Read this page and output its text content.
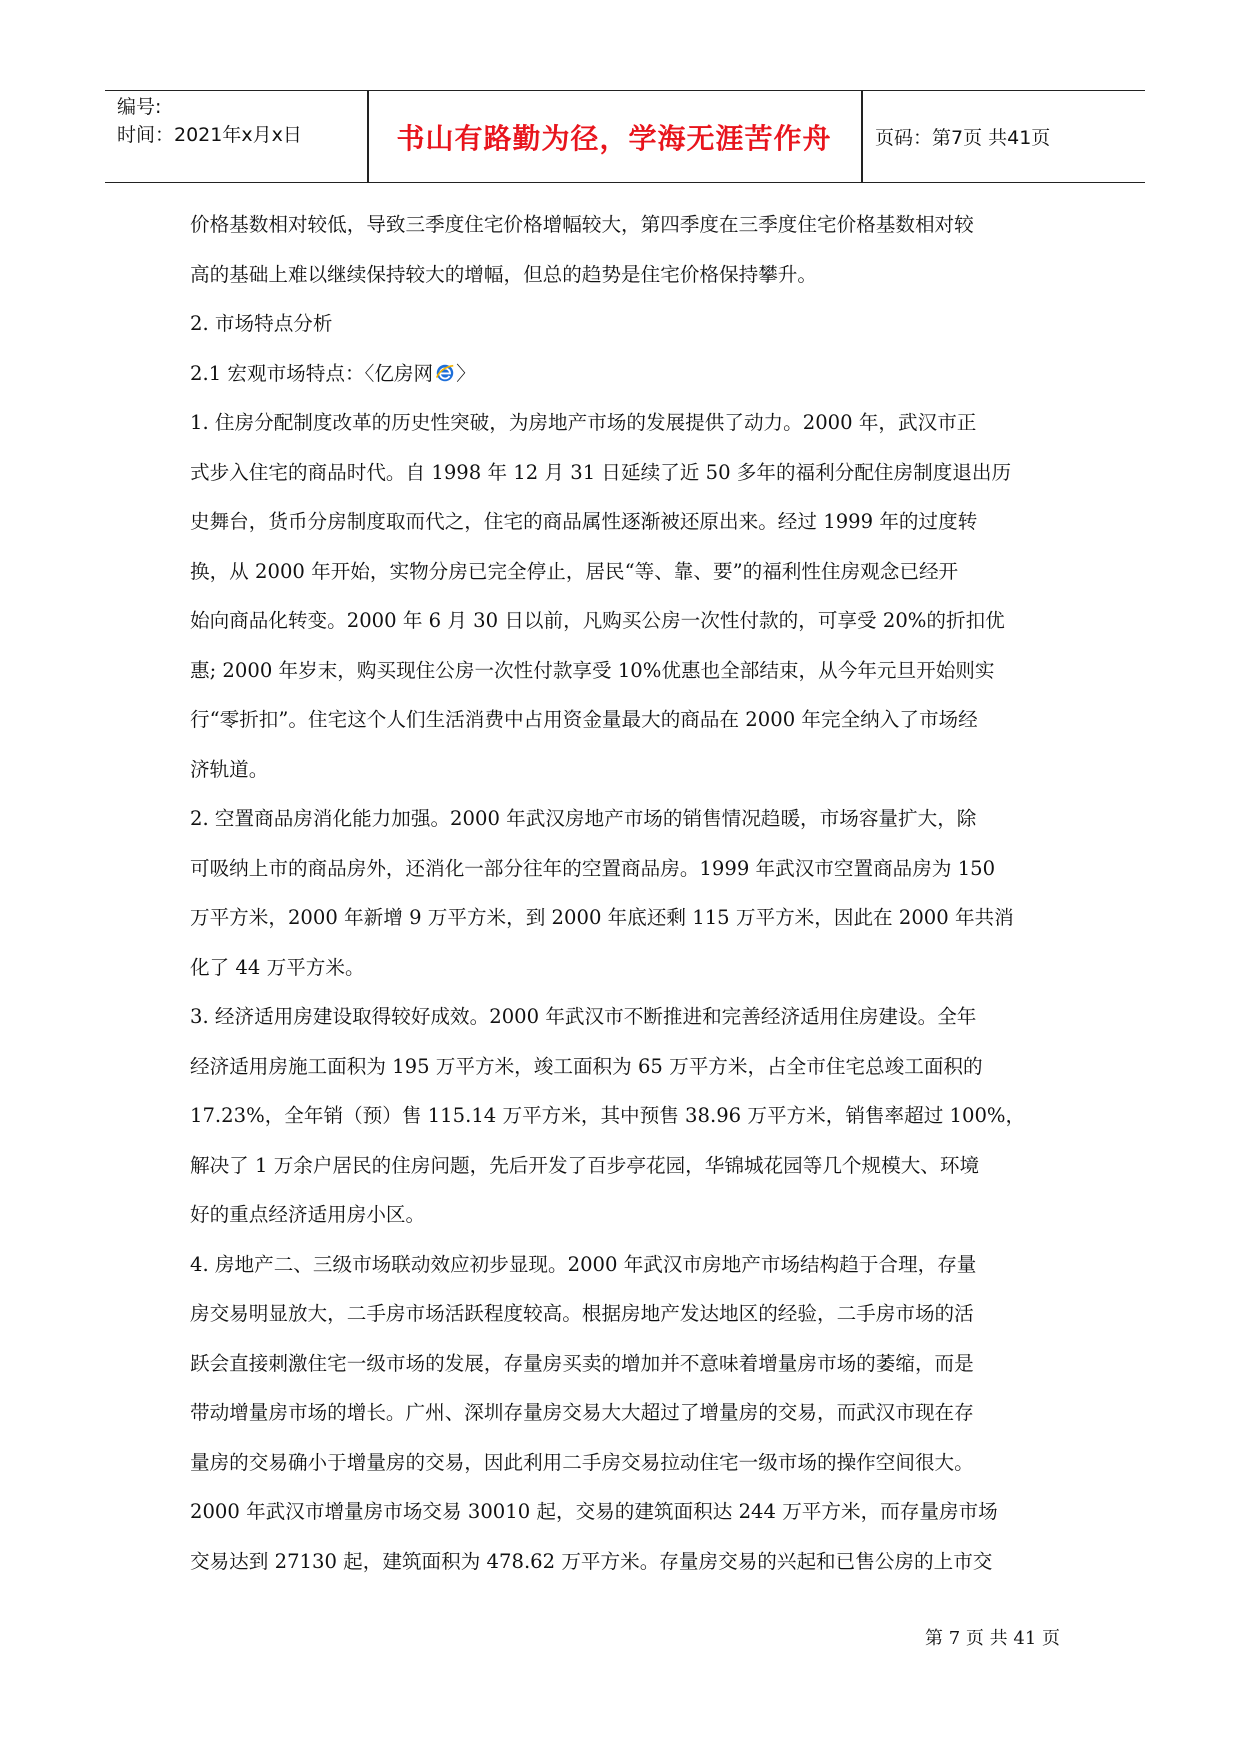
编号:
时间：2021年x月x日	书山有路勤为径，学海无涯苦作舟	页码：第7页 共41页
价格基数相对较低，导致三季度住宅价格增幅较大，第四季度在三季度住宅价格基数相对较
高的基础上难以继续保持较大的增幅，但总的趋势是住宅价格保持攀升。
2. 市场特点分析
2.1 宏观市场特点：〈亿房网 〉
1. 住房分配制度改革的历史性突破，为房地产市场的发展提供了动力。2000 年，武汉市正
式步入住宅的商品时代。自 1998 年 12 月 31 日延续了近 50 多年的福利分配住房制度退出历
史舞台，货币分房制度取而代之，住宅的商品属性逐渐被还原出来。经过 1999 年的过度转
换，从 2000 年开始，实物分房已完全停止，居民“等、靠、要”的福利性住房观念已经开
始向商品化转变。2000 年 6 月 30 日以前，凡购买公房一次性付款的，可享受 20%的折扣优
惠; 2000 年岁末，购买现住公房一次性付款享受 10%优惠也全部结束，从今年元旦开始则实
行“零折扣”。住宅这个人们生活消费中占用资金量最大的商品在 2000 年完全纳入了市场经
济轨道。
2. 空置商品房消化能力加强。2000 年武汉房地产市场的销售情况趋暖，市场容量扩大，除
可吸纳上市的商品房外，还消化一部分往年的空置商品房。1999 年武汉市空置商品房为 150
万平方米，2000 年新增 9 万平方米，到 2000 年底还剩 115 万平方米，因此在 2000 年共消
化了 44 万平方米。
3. 经济适用房建设取得较好成效。2000 年武汉市不断推进和完善经济适用住房建设。全年
经济适用房施工面积为 195 万平方米，竣工面积为 65 万平方米，占全市住宅总竣工面积的
17.23%，全年销（预）售 115.14 万平方米，其中预售 38.96 万平方米，销售率超过 100%，
解决了 1 万余户居民的住房问题，先后开发了百步亭花园，华锦城花园等几个规模大、环境
好的重点经济适用房小区。
4. 房地产二、三级市场联动效应初步显现。2000 年武汉市房地产市场结构趋于合理，存量
房交易明显放大，二手房市场活跃程度较高。根据房地产发达地区的经验，二手房市场的活
跃会直接刺激住宅一级市场的发展，存量房买卖的增加并不意味着增量房市场的萎缩，而是
带动增量房市场的增长。广州、深圳存量房交易大大超过了增量房的交易，而武汉市现在存
量房的交易确小于增量房的交易，因此利用二手房交易拉动住宅一级市场的操作空间很大。
2000 年武汉市增量房市场交易 30010 起，交易的建筑面积达 244 万平方米，而存量房市场
交易达到 27130 起，建筑面积为 478.62 万平方米。存量房交易的兴起和已售公房的上市交
第 7 页 共 41 页
